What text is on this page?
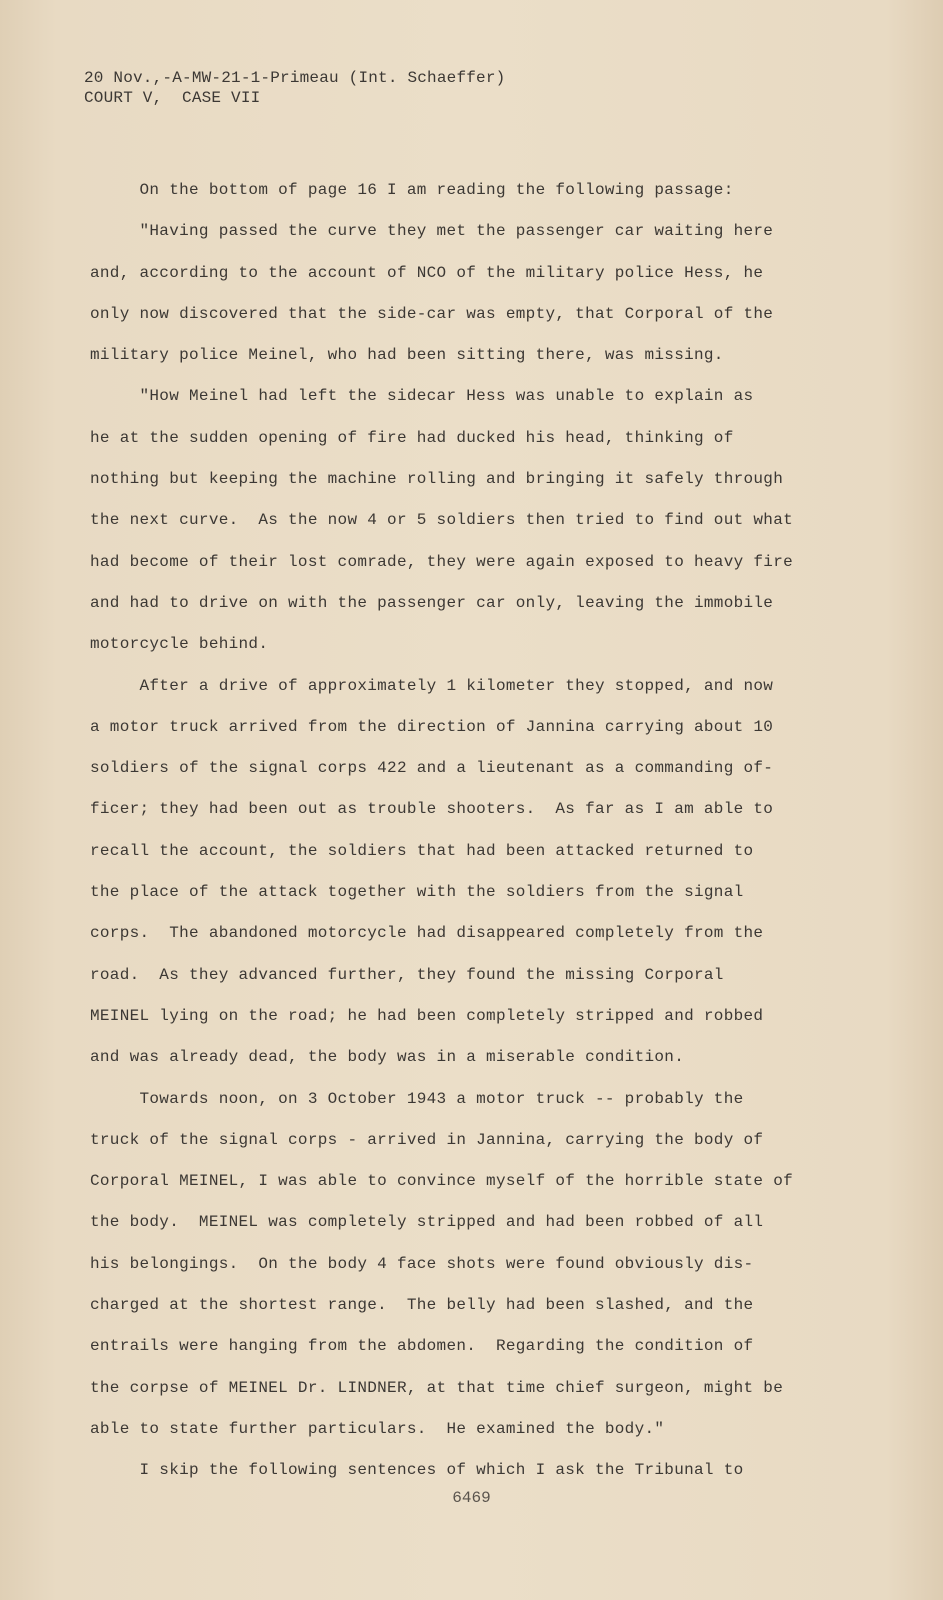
20 Nov.,-A-MW-21-1-Primeau (Int. Schaeffer)
COURT V,  CASE VII
On the bottom of page 16 I am reading the following passage:
"Having passed the curve they met the passenger car waiting here
and, according to the account of NCO of the military police Hess, he
only now discovered that the side-car was empty, that Corporal of the
military police Meinel, who had been sitting there, was missing.
"How Meinel had left the sidecar Hess was unable to explain as
he at the sudden opening of fire had ducked his head, thinking of
nothing but keeping the machine rolling and bringing it safely through
the next curve.  As the now 4 or 5 soldiers then tried to find out what
had become of their lost comrade, they were again exposed to heavy fire
and had to drive on with the passenger car only, leaving the immobile
motorcycle behind.
After a drive of approximately 1 kilometer they stopped, and now
a motor truck arrived from the direction of Jannina carrying about 10
soldiers of the signal corps 422 and a lieutenant as a commanding of-
ficer; they had been out as trouble shooters.  As far as I am able to
recall the account, the soldiers that had been attacked returned to
the place of the attack together with the soldiers from the signal
corps.  The abandoned motorcycle had disappeared completely from the
road.  As they advanced further, they found the missing Corporal
MEINEL lying on the road; he had been completely stripped and robbed
and was already dead, the body was in a miserable condition.
Towards noon, on 3 October 1943 a motor truck -- probably the
truck of the signal corps - arrived in Jannina, carrying the body of
Corporal MEINEL, I was able to convince myself of the horrible state of
the body.  MEINEL was completely stripped and had been robbed of all
his belongings.  On the body 4 face shots were found obviously dis-
charged at the shortest range.  The belly had been slashed, and the
entrails were hanging from the abdomen.  Regarding the condition of
the corpse of MEINEL Dr. LINDNER, at that time chief surgeon, might be
able to state further particulars.  He examined the body."
I skip the following sentences of which I ask the Tribunal to
6469
